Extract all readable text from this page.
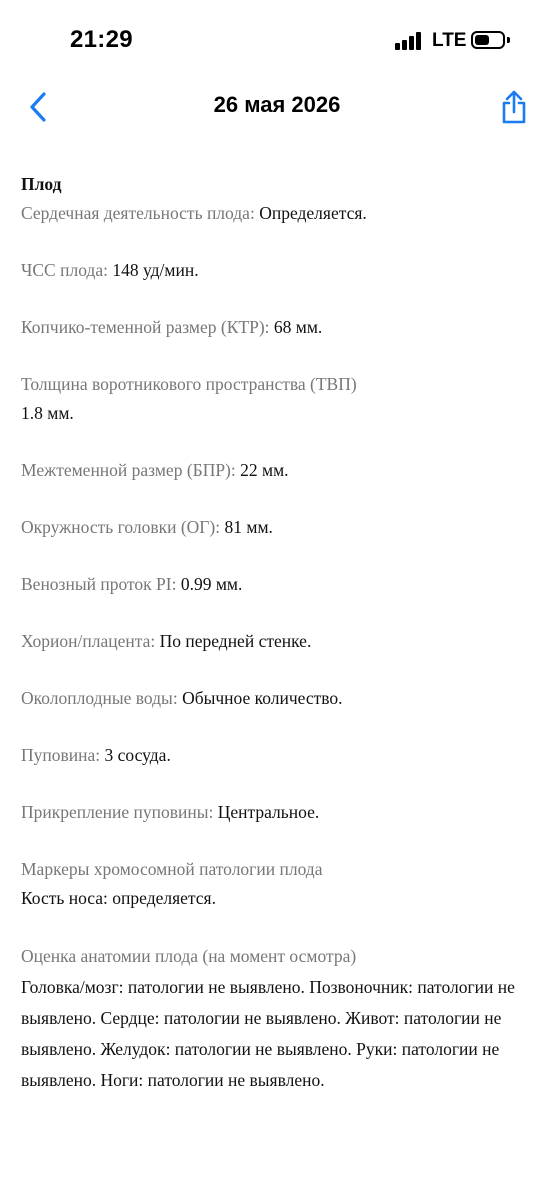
21:29	LTE
26 мая 2026

Плод

Сердечная деятельность плода: Определяется.

ЧСС плода: 148 уд/мин.

Копчико-теменной размер (КТР): 68 мм.

Толщина воротникового пространства (ТВП)
1.8 мм.

Межтеменной размер (БПР): 22 мм.

Окружность головки (ОГ): 81 мм.

Венозный проток PI: 0.99 мм.

Хорион/плацента: По передней стенке.

Околоплодные воды: Обычное количество.

Пуповина: 3 сосуда.

Прикрепление пуповины: Центральное.

Маркеры хромосомной патологии плода
Кость носа: определяется.

Оценка анатомии плода (на момент осмотра)
Головка/мозг: патологии не выявлено. Позвоночник: патологии не выявлено. Сердце: патологии не выявлено. Живот: патологии не выявлено. Желудок: патологии не выявлено. Руки: патологии не выявлено. Ноги: патологии не выявлено.
